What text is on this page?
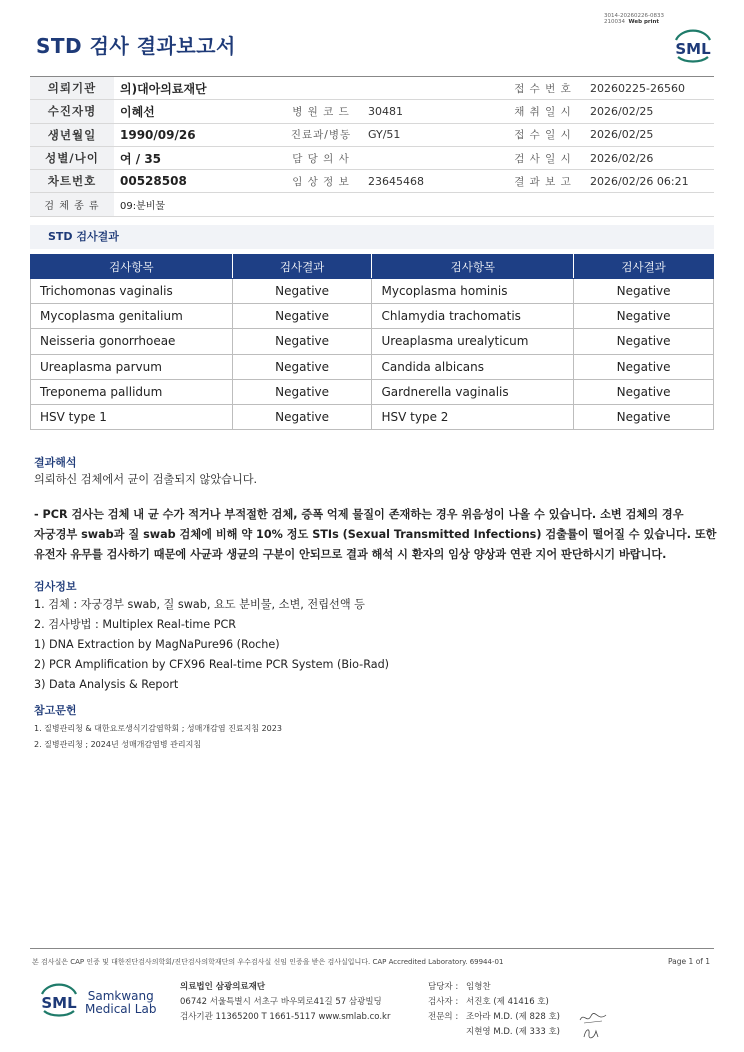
3014-20260226-0833
210034 Web print
STD 검사 결과보고서	SML
의뢰기관	의)대아의료재단			접 수 번 호	20260225-26560
수진자명	이혜선	병 원 코 드	30481	채 취 일 시	2026/02/25
생년월일	1990/09/26	진료과/병동	GY/51	접 수 일 시	2026/02/25
성별/나이	여 / 35	담 당 의 사		검 사 일 시	2026/02/26
차트번호	00528508	임 상 정 보	23645468	결 과 보 고	2026/02/26 06:21
검 체 종 류	09:분비물				
STD 검사결과
검사항목	검사결과	검사항목	검사결과
Trichomonas vaginalis	Negative	Mycoplasma hominis	Negative
Mycoplasma genitalium	Negative	Chlamydia trachomatis	Negative
Neisseria gonorrhoeae	Negative	Ureaplasma urealyticum	Negative
Ureaplasma parvum	Negative	Candida albicans	Negative
Treponema pallidum	Negative	Gardnerella vaginalis	Negative
HSV type 1	Negative	HSV type 2	Negative
결과해석
의뢰하신 검체에서 균이 검출되지 않았습니다.
- PCR 검사는 검체 내 균 수가 적거나 부적절한 검체, 증폭 억제 물질이 존재하는 경우 위음성이 나올 수 있습니다. 소변 검체의 경우
자궁경부 swab과 질 swab 검체에 비해 약 10% 정도 STIs (Sexual Transmitted Infections) 검출률이 떨어질 수 있습니다. 또한
유전자 유무를 검사하기 때문에 사균과 생균의 구분이 안되므로 결과 해석 시 환자의 임상 양상과 연관 지어 판단하시기 바랍니다.
검사정보
1. 검체 : 자궁경부 swab, 질 swab, 요도 분비물, 소변, 전립선액 등
2. 검사방법 : Multiplex Real-time PCR
1) DNA Extraction by MagNaPure96 (Roche)
2) PCR Amplification by CFX96 Real-time PCR System (Bio-Rad)
3) Data Analysis & Report
참고문헌
1. 질병관리청 & 대한요로생식기감염학회 ; 성매개감염 진료지침 2023
2. 질병관리청 ; 2024년 성매개감염병 관리지침
본 검사실은 CAP 인증 및 대한진단검사의학회/진단검사의학재단의 우수검사실 신임 인증을 받은 검사실입니다. CAP Accredited Laboratory. 69944-01	Page 1 of 1
SML Samkwang
Medical Lab
의료법인 삼광의료재단
06742 서울특별시 서초구 바우뫼로41길 57 삼광빌딩
검사기관 11365200 T 1661-5117 www.smlab.co.kr
담당자 : 임형찬
검사자 : 서진호 (제 41416 호)
전문의 : 조아라 M.D. (제 828 호)
지현영 M.D. (제 333 호)
